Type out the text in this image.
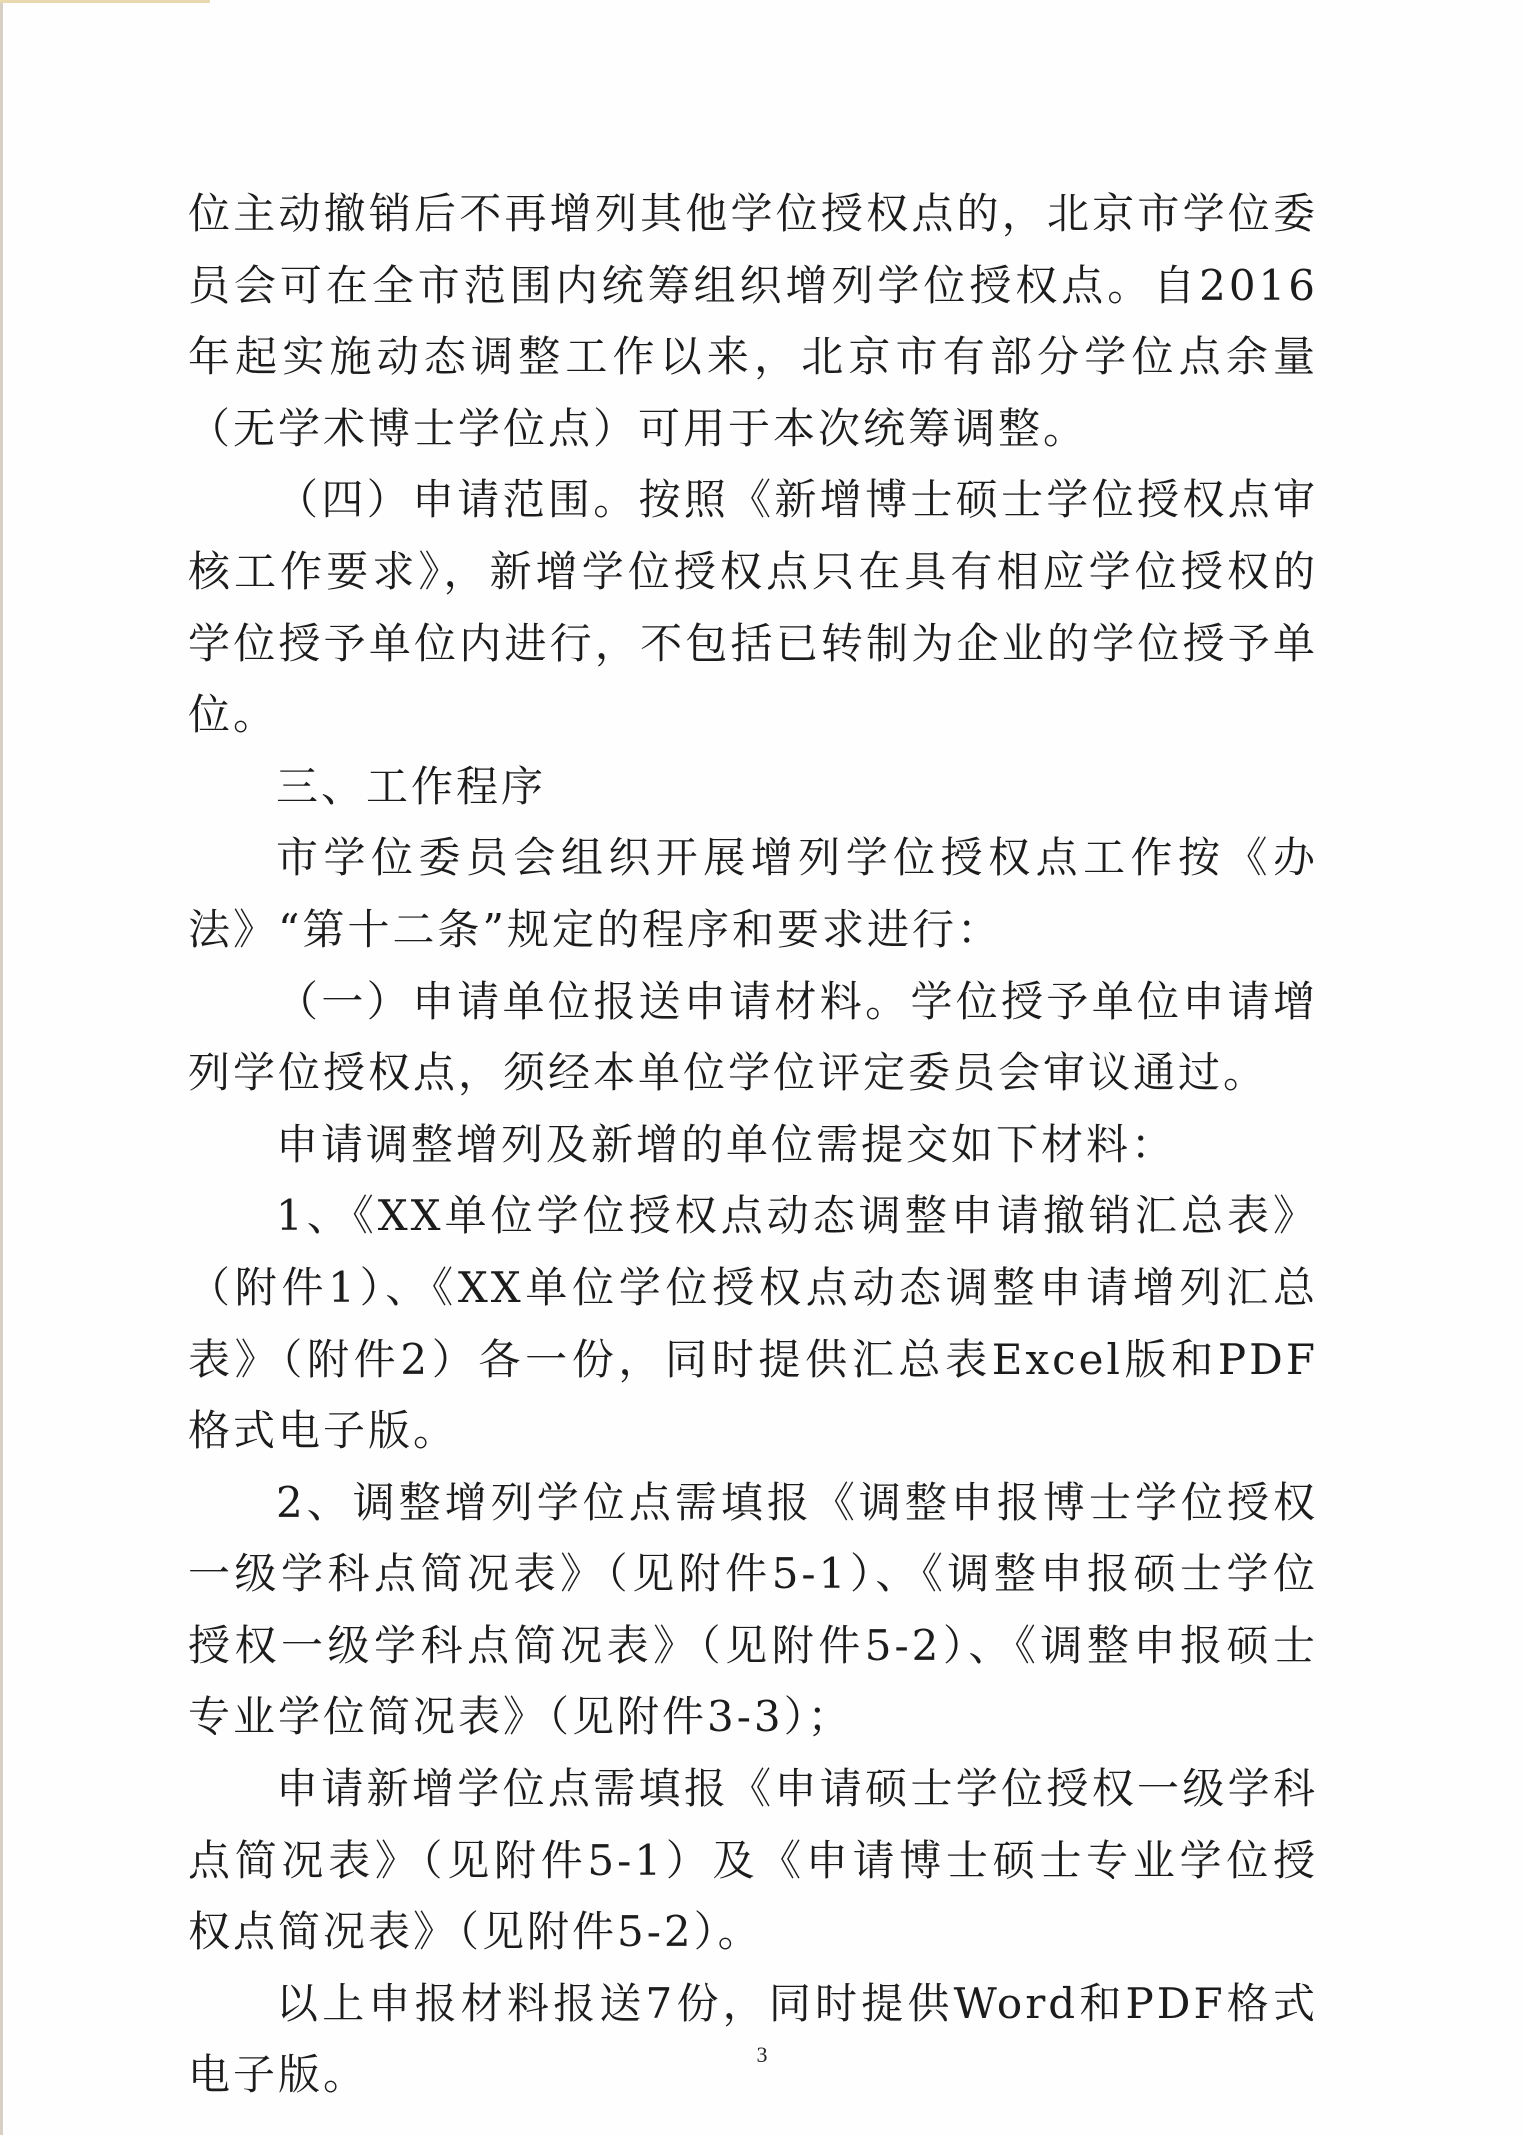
位主动撤销后不再增列其他学位授权点的，北京市学位委员会可在全市范围内统筹组织增列学位授权点。自2016年起实施动态调整工作以来，北京市有部分学位点余量（无学术博士学位点）可用于本次统筹调整。

（四）申请范围。按照《新增博士硕士学位授权点审核工作要求》，新增学位授权点只在具有相应学位授权的学位授予单位内进行，不包括已转制为企业的学位授予单位。

三、工作程序

市学位委员会组织开展增列学位授权点工作按《办法》“第十二条”规定的程序和要求进行：

（一）申请单位报送申请材料。学位授予单位申请增列学位授权点，须经本单位学位评定委员会审议通过。

申请调整增列及新增的单位需提交如下材料：

1、《XX单位学位授权点动态调整申请撤销汇总表》（附件1）、《XX单位学位授权点动态调整申请增列汇总表》（附件2）各一份，同时提供汇总表Excel版和PDF格式电子版。

2、调整增列学位点需填报《调整申报博士学位授权一级学科点简况表》（见附件5-1）、《调整申报硕士学位授权一级学科点简况表》（见附件5-2）、《调整申报硕士专业学位简况表》（见附件3-3）；

申请新增学位点需填报《申请硕士学位授权一级学科点简况表》（见附件5-1）及《申请博士硕士专业学位授权点简况表》（见附件5-2）。

以上申报材料报送7份，同时提供Word和PDF格式电子版。	3
